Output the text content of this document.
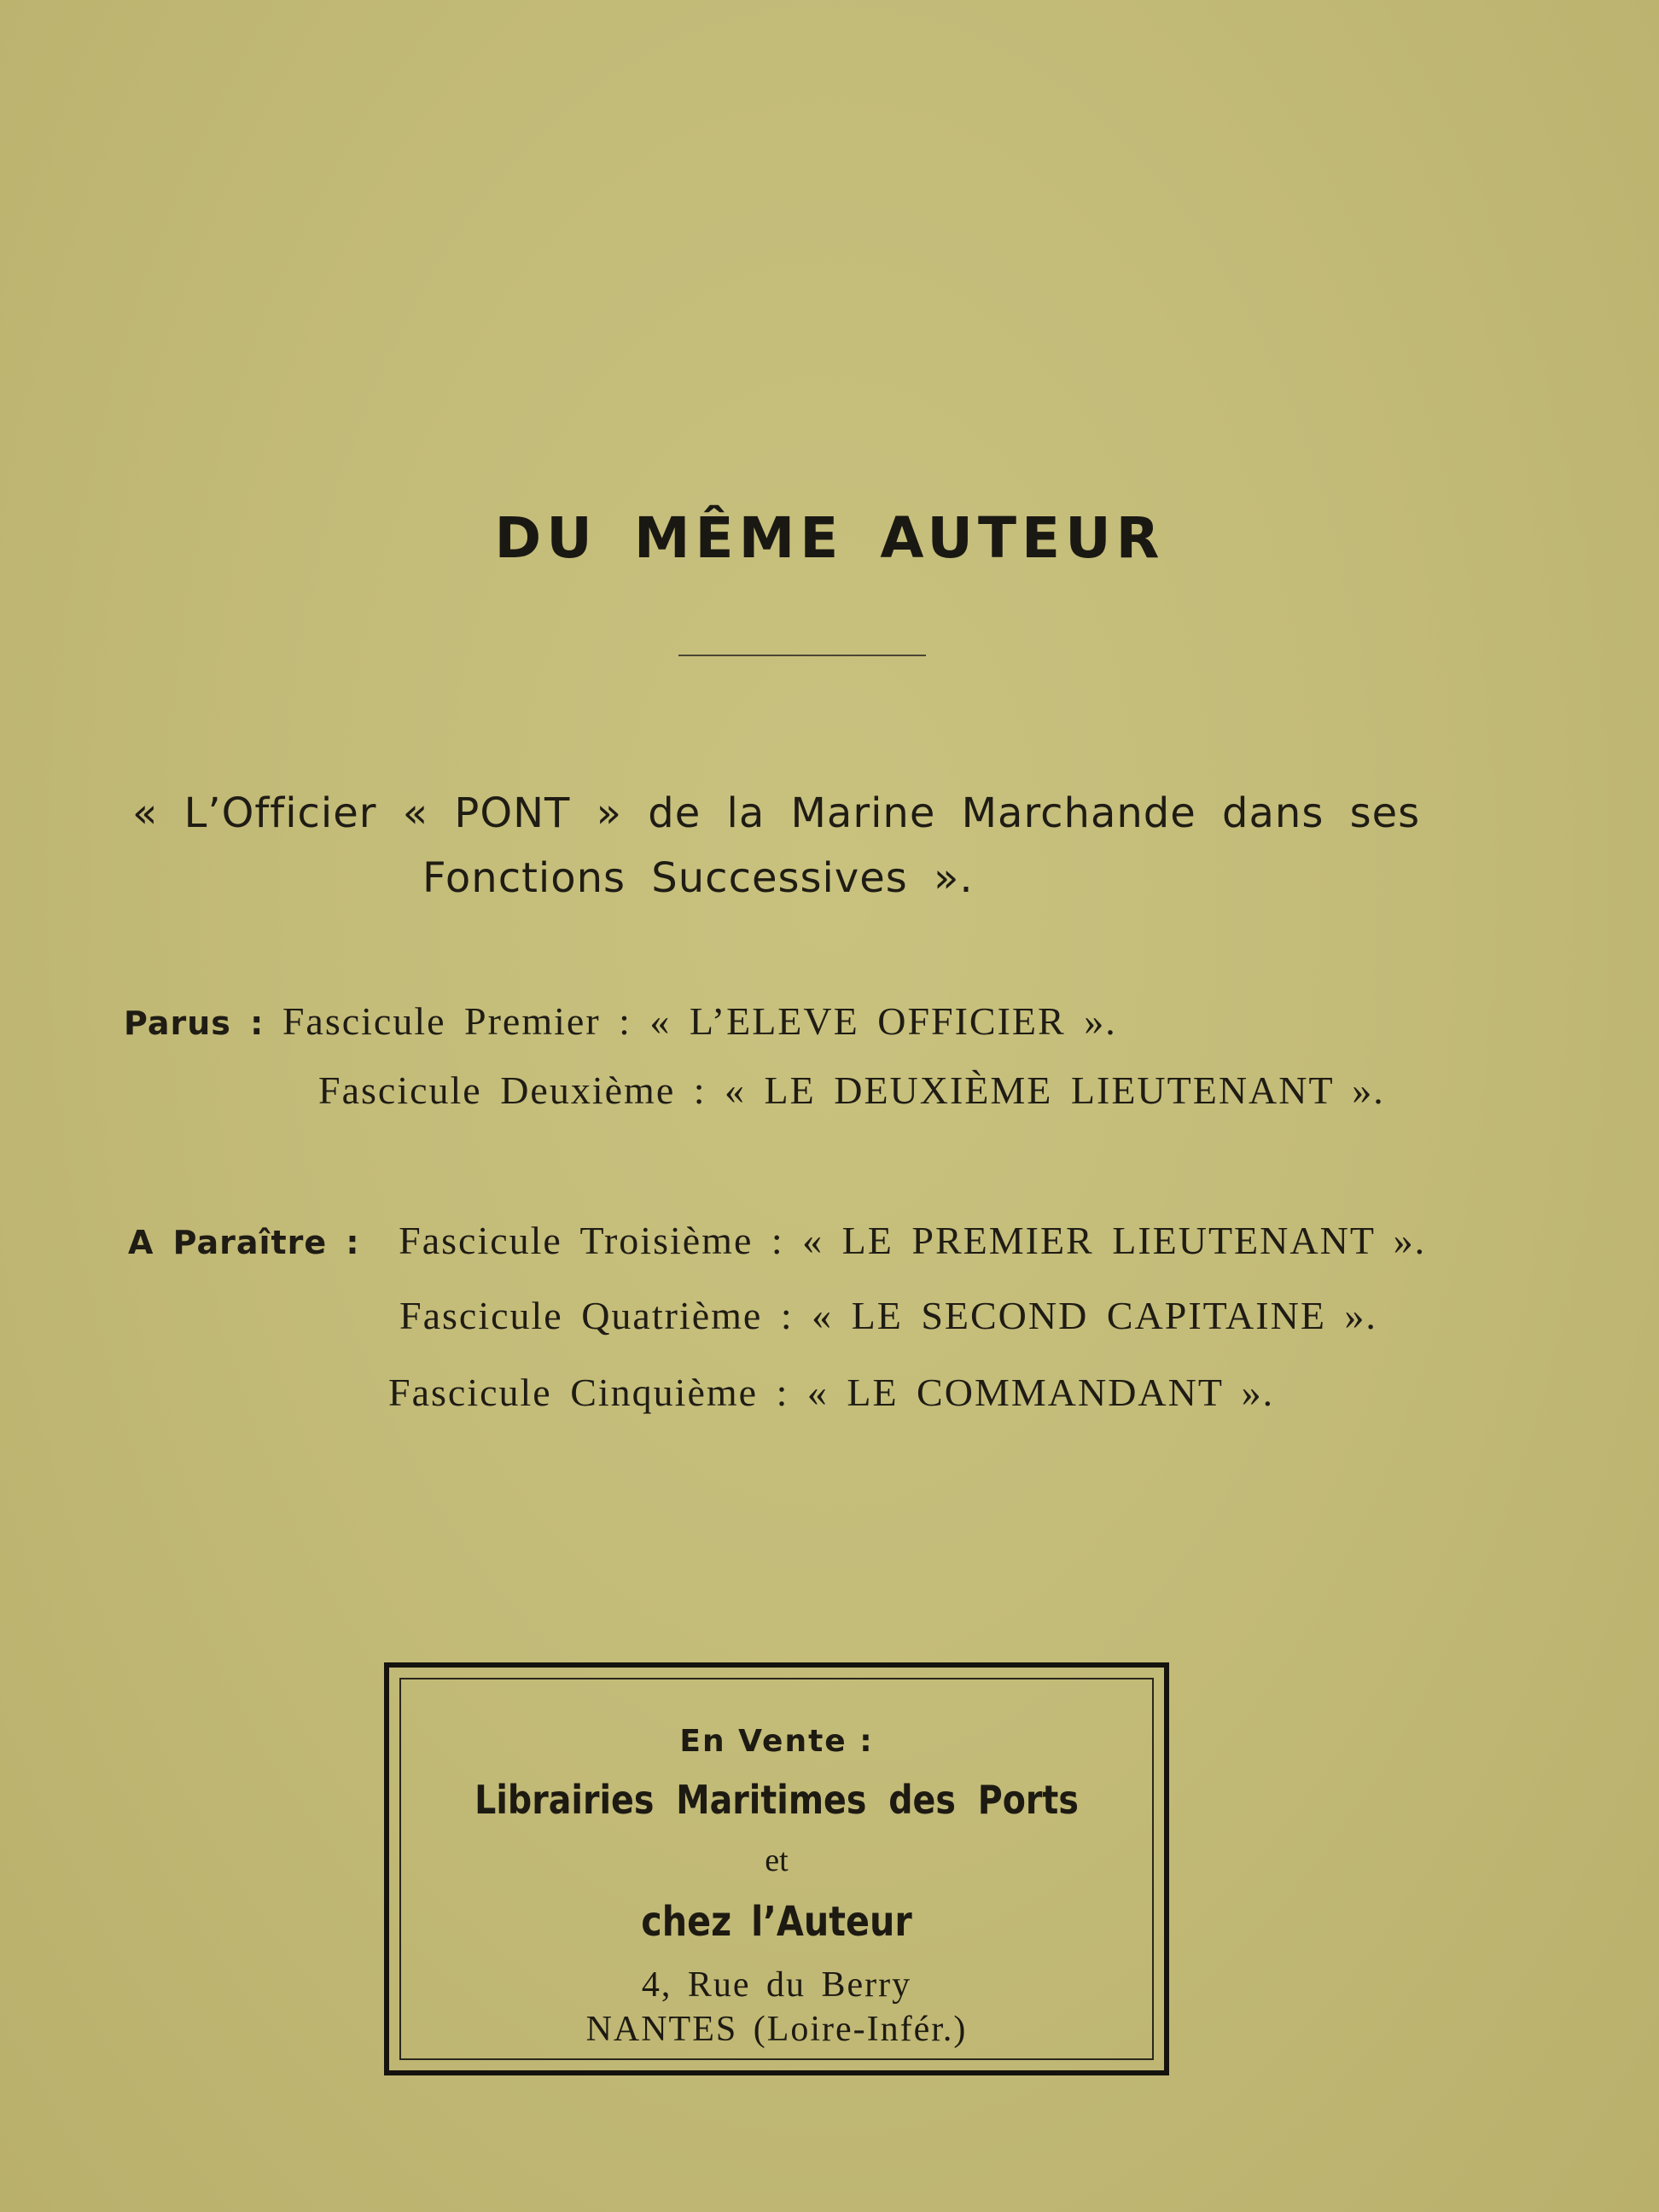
DU MÊME AUTEUR
« L’Officier « PONT » de la Marine Marchande dans ses
Fonctions Successives ».
Parus : Fascicule Premier : « L’ELEVE OFFICIER ».
Fascicule Deuxième : « LE DEUXIÈME LIEUTENANT ».
A Paraître : Fascicule Troisième : « LE PREMIER LIEUTENANT ».
Fascicule Quatrième : « LE SECOND CAPITAINE ».
Fascicule Cinquième : « LE COMMANDANT ».
En Vente :
Librairies Maritimes des Ports
et
chez l’Auteur
4, Rue du Berry
NANTES (Loire-Infér.)
